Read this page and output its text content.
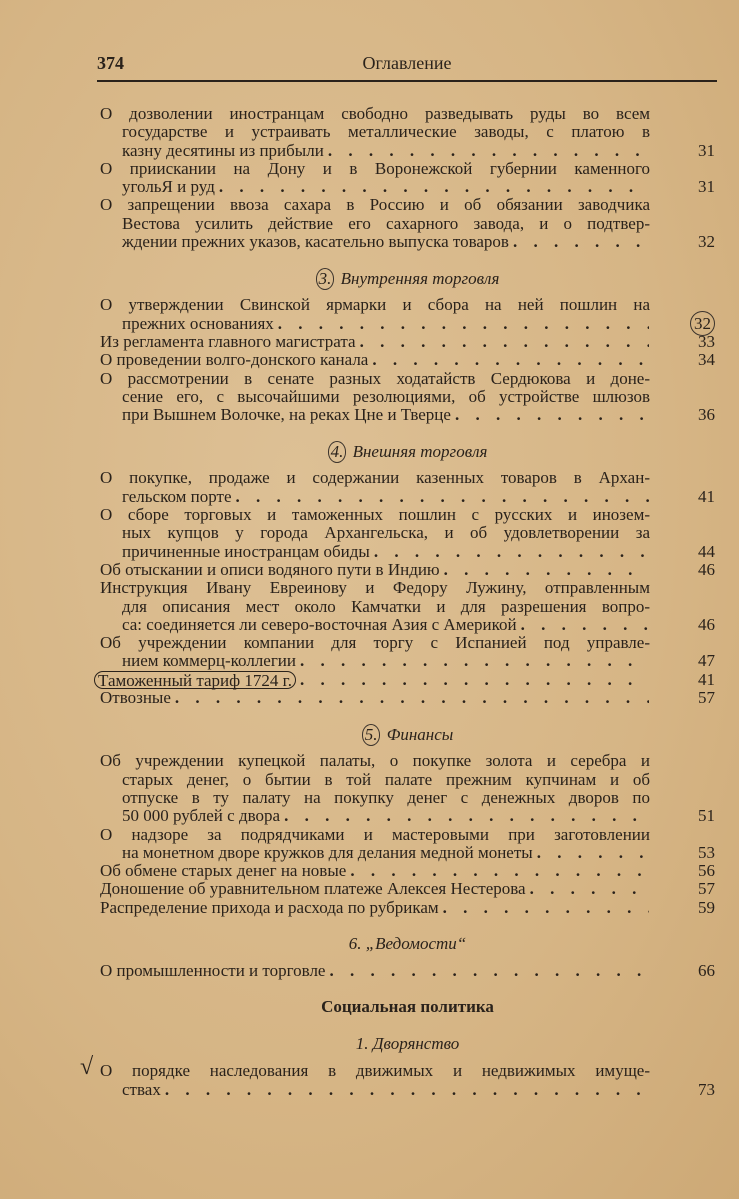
374	Оглавление
О дозволении иностранцам свободно разведывать руды во всем
государстве и устраивать металлические заводы, с платою в
казну десятины из прибыли . . .	31
О приискании на Дону и в Воронежской губернии каменного
угольЯ и руд . . .	31
О запрещении ввоза сахара в Россию и об обязании заводчика
Вестова усилить действие его сахарного завода, и о подтвер-
ждении прежних указов, касательно выпуска товаров . . .	32
3. Внутренняя торговля
О утверждении Свинской ярмарки и сбора на ней пошлин на
прежних основаниях . . .	32
Из регламента главного магистрата . . .	33
О проведении волго-донского канала . . .	34
О рассмотрении в сенате разных ходатайств Сердюкова и доне-
сение его, с высочайшими резолюциями, об устройстве шлюзов
при Вышнем Волочке, на реках Цне и Тверце . . .	36
4. Внешняя торговля
О покупке, продаже и содержании казенных товаров в Архан-
гельском порте . . .	41
О сборе торговых и таможенных пошлин с русских и инозем-
ных купцов у города Архангельска, и об удовлетворении за
причиненные иностранцам обиды . . .	44
Об отыскании и описи водяного пути в Индию . . .	46
Инструкция Ивану Евреинову и Федору Лужину, отправленным
для описания мест около Камчатки и для разрешения вопро-
са: соединяется ли северо-восточная Азия с Америкой . . .	46
Об учреждении компании для торгу с Испанией под управле-
нием коммерц-коллегии . . .	47
Таможенный тариф 1724 г. . . .	41
Отвозные . . .	57
5. Финансы
Об учреждении купецкой палаты, о покупке золота и серебра и
старых денег, о бытии в той палате прежним купчинам и об
отпуске в ту палату на покупку денег с денежных дворов по
50 000 рублей с двора . . .	51
О надзоре за подрядчиками и мастеровыми при заготовлении
на монетном дворе кружков для делания медной монеты . . .	53
Об обмене старых денег на новые . . .	56
Доношение об уравнительном платеже Алексея Нестерова . . .	57
Распределение прихода и расхода по рубрикам . . .	59
6. „Ведомости“
О промышленности и торговле . . .	66
Социальная политика
1. Дворянство
√ О порядке наследования в движимых и недвижимых имуще-
ствах . . .	73
